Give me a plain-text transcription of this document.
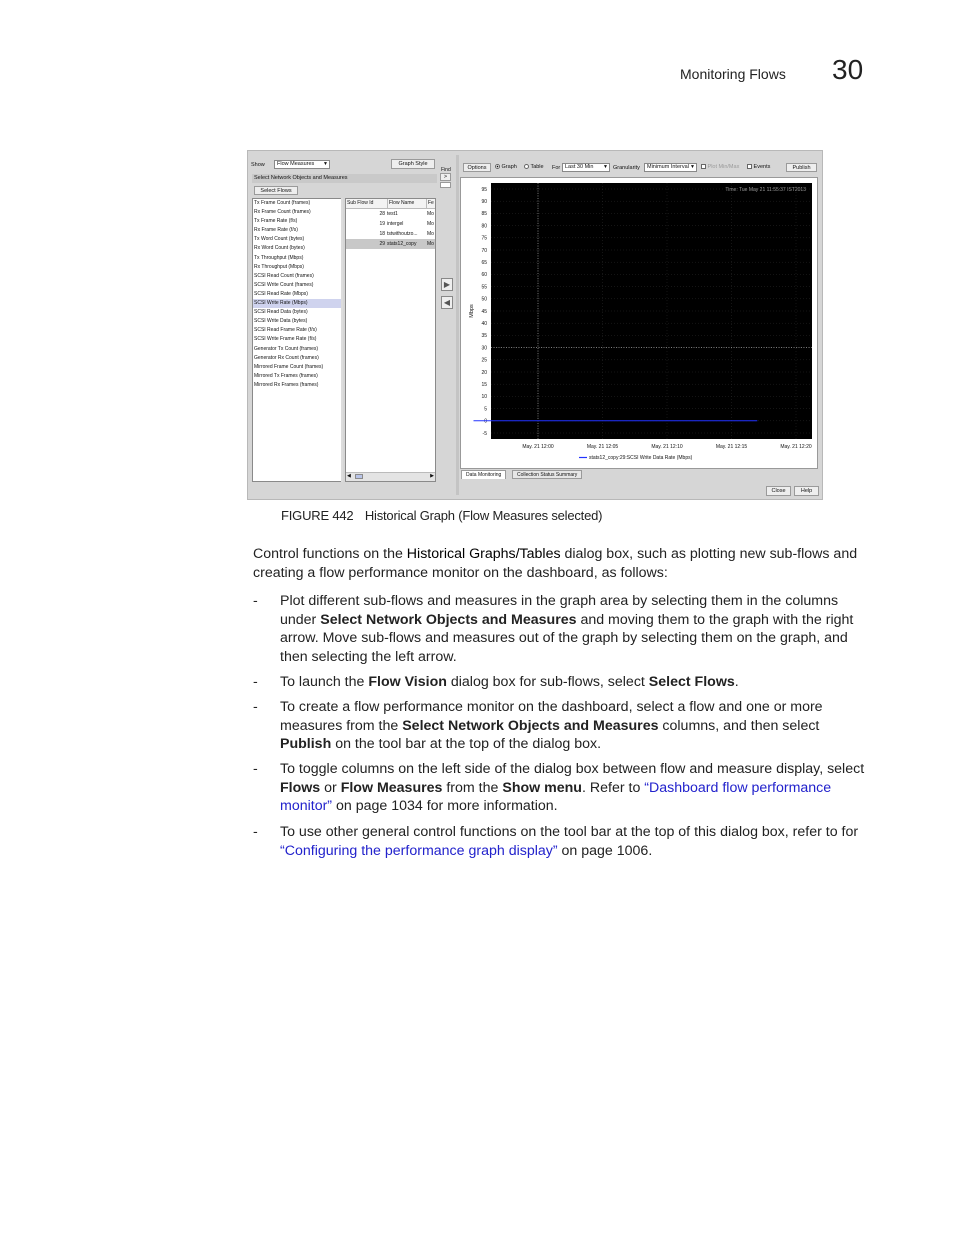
Monitoring Flows 30
Show	Flow Measures ▼	Graph Style
Find
>
Select Network Objects and Measures
Select Flows
Tx Frame Count (frames)
Rx Frame Count (frames)
Tx Frame Rate (f/s)
Rx Frame Rate (f/s)
Tx Word Count (bytes)
Rx Word Count (bytes)
Tx Throughput (Mbps)
Rx Throughput (Mbps)
SCSI Read Count (frames)
SCSI Write Count (frames)
SCSI Read Rate (Mbps)
SCSI Write Rate (Mbps)
SCSI Read Data (bytes)
SCSI Write Data (bytes)
SCSI Read Frame Rate (f/s)
SCSI Write Frame Rate (f/s)
Generator Tx Count (frames)
Generator Rx Count (frames)
Mirrored Frame Count (frames)
Mirrored Tx Frames (frames)
Mirrored Rx Frames (frames)
Sub Flow Id	Flow Name	Fe
28 test1	Mo
19 intergel	Mo
18 tstwithoutzo...	Mo
29 stats12_copy	Mo
◀	▶
▶
◀
Options	Graph	Table For Last 30 Min ▼ Granularity	Minimum Interval ▼	Plot Min/Max	Events	Publish
95
90
85
80
75
70
65
60
55
50
45
40
35
30
25
20
15
10
5
0
-5
May. 21 12:00	May. 21 12:05	May. 21 12:10	May. 21 12:15	May. 21 12:20
Mbps
Time: Tue May 21 11:55:37 IST2013
stats12_copy:29:SCSI Write Data Rate (Mbps)
Data Monitoring	Collection Status Summary
Close	Help
FIGURE 442 Historical Graph (Flow Measures selected)
Control functions on the Historical Graphs/Tables dialog box, such as plotting new sub-flows and creating a flow performance monitor on the dashboard, as follows:
- Plot different sub-flows and measures in the graph area by selecting them in the columns under Select Network Objects and Measures and moving them to the graph with the right arrow. Move sub-flows and measures out of the graph by selecting them on the graph, and then selecting the left arrow.
- To launch the Flow Vision dialog box for sub-flows, select Select Flows.
- To create a flow performance monitor on the dashboard, select a flow and one or more measures from the Select Network Objects and Measures columns, and then select Publish on the tool bar at the top of the dialog box.
- To toggle columns on the left side of the dialog box between flow and measure display, select Flows or Flow Measures from the Show menu. Refer to “Dashboard flow performance monitor” on page 1034 for more information.
- To use other general control functions on the tool bar at the top of this dialog box, refer to for “Configuring the performance graph display” on page 1006.
